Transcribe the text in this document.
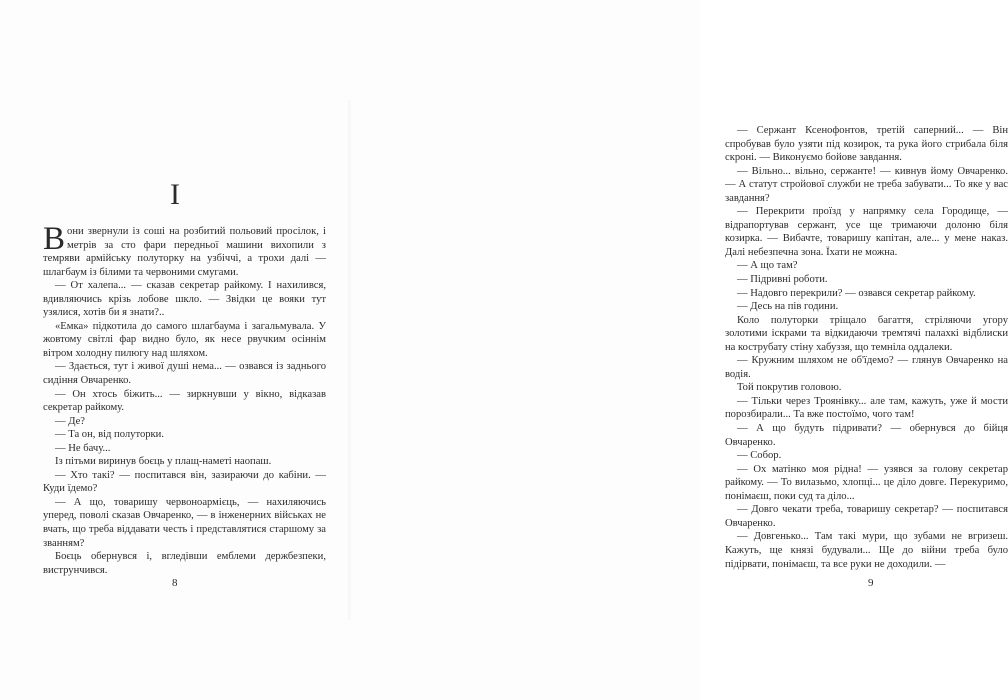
I

Вони звернули із соші на розбитий польовий просілок, і метрів за сто фари передньої машини вихопили з темряви армійську полуторку на узбіччі, а трохи далі — шлагбаум із білими та червоними смугами.

— От халепа... — сказав секретар райкому. І нахилився, вдивляючись крізь лобове шкло. — Звідки це вояки тут узялися, хотів би я знати?..

«Емка» підкотила до самого шлагбаума і загальмувала. У жовтому світлі фар видно було, як несе рвучким осіннім вітром холодну пилюгу над шляхом.

— Здається, тут і живої душі нема... — озвався із заднього сидіння Овчаренко.

— Он хтось біжить... — зиркнувши у вікно, відказав секретар райкому.

— Де?

— Та он, від полуторки.

— Не бачу...

Із пітьми виринув боєць у плащ-наметі наопаш.

— Хто такі? — поспитався він, зазираючи до кабіни. — Куди їдемо?

— А що, товаришу червоноармієць, — нахиляючись уперед, поволі сказав Овчаренко, — в інженерних військах не вчать, що треба віддавати честь і представлятися старшому за званням?

Боєць обернувся і, вгледівши емблеми держбезпеки, виструнчився.

8

— Сержант Ксенофонтов, третій саперний... — Він спробував було узяти під козирок, та рука його стрибала біля скроні. — Виконуємо бойове завдання.

— Вільно... вільно, сержанте! — кивнув йому Овчаренко. — А статут стройової служби не треба забувати... То яке у вас завдання?

— Перекрити проїзд у напрямку села Городище, — відрапортував сержант, усе ще тримаючи долоню біля козирка. — Вибачте, товаришу капітан, але... у мене наказ. Далі небезпечна зона. Їхати не можна.

— А що там?

— Підривні роботи.

— Надовго перекрили? — озвався секретар райкому.

— Десь на пів години.

Коло полуторки тріщало багаття, стріляючи угору золотими іскрами та відкидаючи тремтячі палахкі відблиски на кострубату стіну хабуззя, що темніла оддалеки.

— Кружним шляхом не об'їдемо? — глянув Овчаренко на водія.

Той покрутив головою.

— Тільки через Троянівку... але там, кажуть, уже й мости порозбирали... Та вже постоїмо, чого там!

— А що будуть підривати? — обернувся до бійця Овчаренко.

— Собор.

— Ох матінко моя рідна! — узявся за голову секретар райкому. — То вилазьмо, хлопці... це діло довге. Перекуримо, понімаєш, поки суд та діло...

— Довго чекати треба, товаришу секретар? — поспитався Овчаренко.

— Довгенько... Там такі мури, що зубами не вгризеш. Кажуть, ще князі будували... Ще до війни треба було підірвати, понімаєш, та все руки не доходили. —

9
